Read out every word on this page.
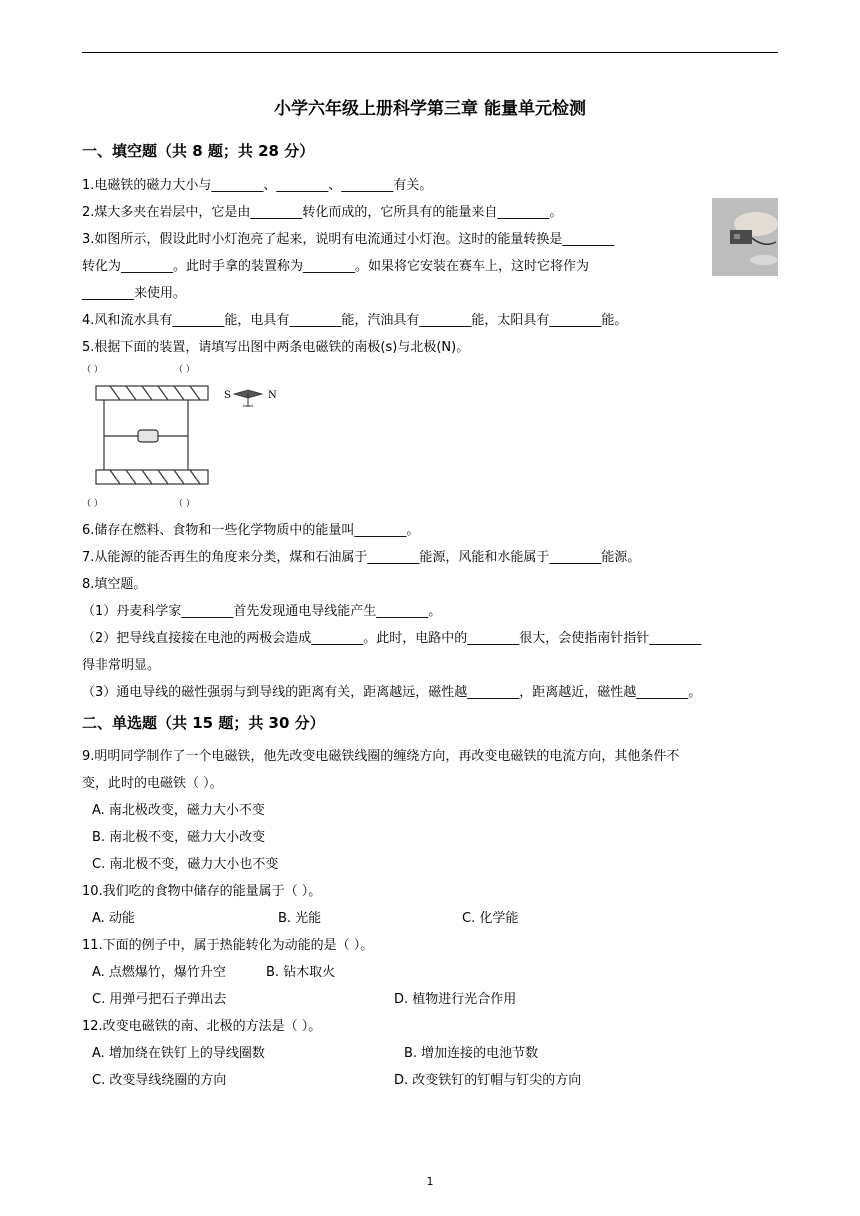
小学六年级上册科学第三章 能量单元检测
一、填空题（共 8 题；共 28 分）
1.电磁铁的磁力大小与________、________、________有关。
2.煤大多夹在岩层中，它是由________转化而成的，它所具有的能量来自________。
3.如图所示，假设此时小灯泡亮了起来，说明有电流通过小灯泡。这时的能量转换是________
转化为________。此时手拿的装置称为________。如果将它安装在赛车上，这时它将作为
________来使用。
4.风和流水具有________能，电具有________能，汽油具有________能，太阳具有________能。
5.根据下面的装置，请填写出图中两条电磁铁的南极(s)与北极(N)。
（ ）	（ ）
（ ）	（ ）
S	N
6.储存在燃料、食物和一些化学物质中的能量叫________。
7.从能源的能否再生的角度来分类，煤和石油属于________能源，风能和水能属于________能源。
8.填空题。
（1）丹麦科学家________首先发现通电导线能产生________。
（2）把导线直接接在电池的两极会造成________。此时，电路中的________很大，会使指南针指针________
得非常明显。
（3）通电导线的磁性强弱与到导线的距离有关，距离越远，磁性越________，距离越近，磁性越________。
二、单选题（共 15 题；共 30 分）
9.明明同学制作了一个电磁铁，他先改变电磁铁线圈的缠绕方向，再改变电磁铁的电流方向，其他条件不
变，此时的电磁铁（ ）。
A. 南北极改变，磁力大小不变
B. 南北极不变，磁力大小改变
C. 南北极不变，磁力大小也不变
10.我们吃的食物中储存的能量属于（ ）。
A. 动能	B. 光能	C. 化学能
11.下面的例子中，属于热能转化为动能的是（ ）。
A. 点燃爆竹，爆竹升空	B. 钻木取火
C. 用弹弓把石子弹出去	D. 植物进行光合作用
12.改变电磁铁的南、北极的方法是（ ）。
A. 增加绕在铁钉上的导线圈数	B. 增加连接的电池节数
C. 改变导线绕圈的方向	D. 改变铁钉的钉帽与钉尖的方向
1
